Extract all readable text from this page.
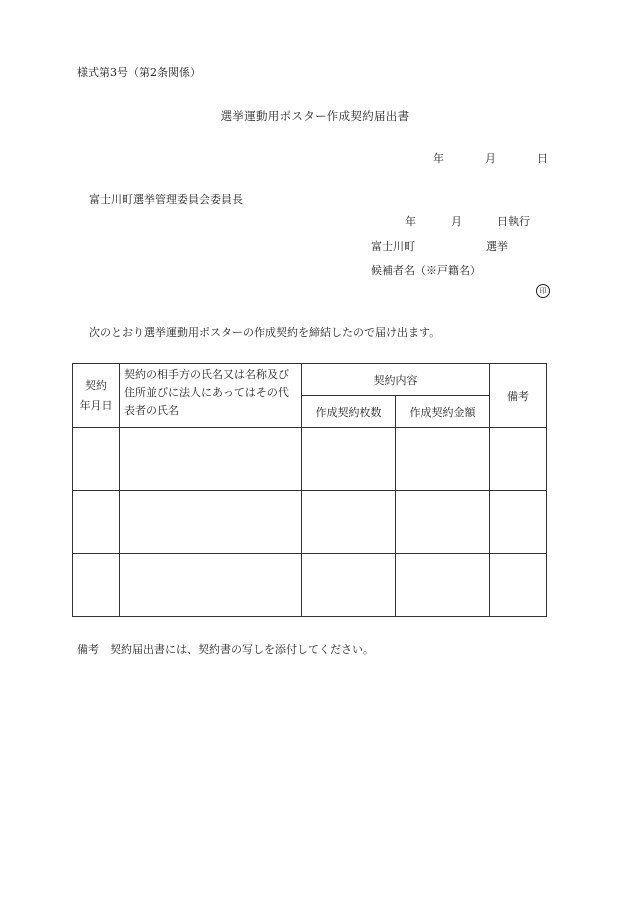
様式第3号（第2条関係）
選挙運動用ポスター作成契約届出書
年	月	日
富士川町選挙管理委員会委員長
年	月	日執行
富士川町	選挙
候補者名（※戸籍名）
印
次のとおり選挙運動用ポスターの作成契約を締結したので届け出ます。
契約
年月日	契約の相手方の氏名又は名称及び住所並びに法人にあってはその代表者の氏名	契約内容		備考
		作成契約枚数	作成契約金額	

備考　契約届出書には、契約書の写しを添付してください。
